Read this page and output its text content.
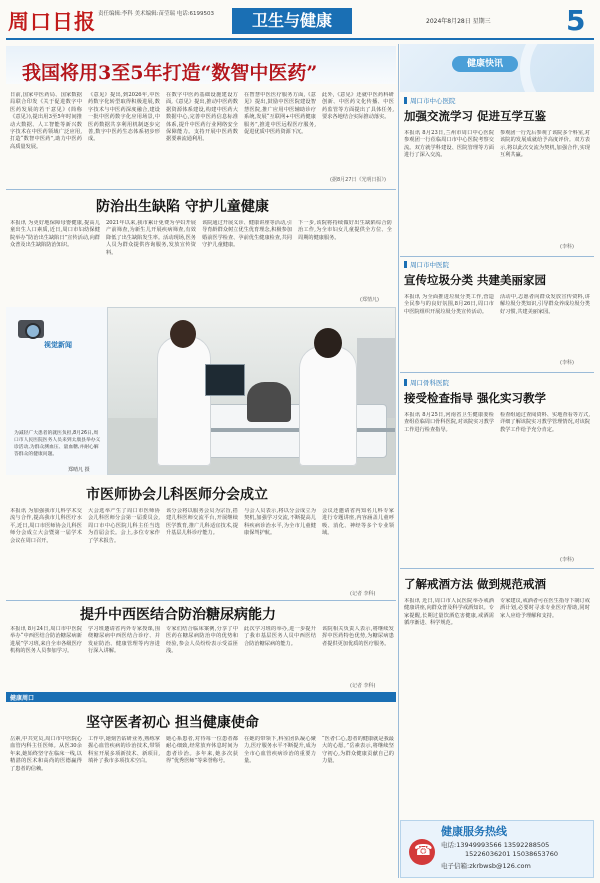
周口日报 责任编辑:李科 美术编辑:苗莹瑞 电话:6199503	卫生与健康	2024年8月28日 星期三	5
我国将用3至5年打造“数智中医药”
日前,国家中医药局、国家数据局联合印发《关于促进数字中医药发展的若干意见》(简称《意见》),提出用3至5年时间推动大数据、人工智能等新兴数字技术在中医药领域广泛应用,打造“数智中医药”,助力中医药高质量发展。
《意见》提出,到2026年,中医药数字化转型取得积极进展,数字技术与中医药深度融合,建设一批中医药数字化应用场景,中医药数据共享利用机制逐步完善,数字中医药生态体系初步形成。
在数字中医药基础设施建设方面,《意见》提出,推动中医药数据资源体系建设,构建中医药大数据中心,完善中医药信息标准体系,提升中医药行业网络安全保障能力。支持开展中医药数据要素流通利用。
在智慧中医医疗服务方面,《意见》提出,鼓励中医医院建设智慧医院,推广应用中医辅助诊疗系统,发展“互联网+中医药健康服务”,推进中医远程医疗服务,促进优质中医药资源下沉。
此外,《意见》还就中医药科研创新、中医药文化传播、中医药监管等方面提出了具体任务,要求各地结合实际推动落实。
(据8月27日《光明日报》)
防治出生缺陷 守护儿童健康
本报讯 为更好地保障母婴健康,提高儿童出生人口素质,近日,周口市妇幼保健院举办“防治出生缺陷日”宣传活动,向群众普及出生缺陷防治知识。
2021年以来,我市累计免费为孕妇开展产前筛查,为新生儿开展疾病筛查,有效降低了出生缺陷发生率。活动现场,医务人员为群众提供咨询服务,发放宣传资料。
该院通过开展义诊、健康讲座等活动,引导育龄群众树立优生优育理念,积极参加婚前医学检查、孕前优生健康检查,共同守护儿童健康。
下一步,该院将持续做好出生缺陷综合防治工作,为全市妇女儿童提供全方位、全周期的健康服务。
(郑情凡)
视觉新闻
为减轻广大患者的就医负担,8月26日,周口市人民医院医务人员来到太康县举办义诊活动,为群众测血压、量血糖,并耐心解答群众的健康问题。
郑晴凡 摄
市医师协会儿科医师分会成立
本报讯 为加强我市儿科学术交流与合作,提高我市儿科医疗水平,近日,周口市医师协会儿科医师分会成立大会暨第一届学术会议在周口召开。
大会选举产生了周口市医师协会儿科医师分会第一届委员会,周口市中心医院儿科主任当选为首届会长。会上,多位专家作了学术报告。
该分会将以服务会员为宗旨,搭建儿科医师交流平台,开展继续医学教育,推广儿科适宜技术,提升基层儿科诊疗能力。
与会人员表示,将以分会成立为契机,加强学习交流,不断提高儿科疾病诊治水平,为全市儿童健康保驾护航。
会议还邀请省内知名儿科专家进行专题讲座,内容涵盖儿童呼吸、消化、神经等多个专业领域。
(记者 李科)
提升中西医结合防治糖尿病能力
本报讯 8月24日,周口市中医院举办“中西医结合防治糖尿病新进展”学习班,来自全市各级医疗机构的医务人员参加学习。
学习班邀请省内外专家授课,围绕糖尿病中西医结合诊疗、并发症防治、健康管理等内容进行深入讲解。
专家们结合临床案例,分享了中医药在糖尿病防治中的优势和经验,参会人员纷纷表示受益匪浅。
此次学习班的举办,进一步提升了我市基层医务人员中西医结合防治糖尿病的能力。
该院相关负责人表示,将继续发挥中医药特色优势,为糖尿病患者提供更加优质的医疗服务。
(记者 李科)
健康周口
坚守医者初心 担当健康使命
岳素,中共党员,周口市中医院心血管内科主任医师。从医30余年来,她始终坚守在临床一线,以精湛的医术和高尚的医德赢得了患者的信赖。
工作中,她刻苦钻研业务,熟练掌握心血管疾病的诊治技术,带领科室开展多项新技术、新项目,填补了我市多项技术空白。
她心系患者,对待每一位患者都耐心细致,经常放弃休息时间为患者诊治。多年来,她多次获得“优秀医师”等荣誉称号。
在她的带领下,科室团队凝心聚力,医疗服务水平不断提升,成为全市心血管疾病诊治的重要力量。
“医者仁心,患者的健康就是我最大的心愿。”岳素表示,将继续坚守初心,为群众健康贡献自己的力量。
健康快讯
周口市中心医院
加强交流学习 促进互学互鉴
本报讯 8月23日,兰州市周口中心医院参观团一行莅临周口市中心医院考察交流。双方就学科建设、医院管理等方面进行了深入交流。
参观团一行先后参观了该院多个科室,对该院的发展成就给予高度评价。双方表示,将以此次交流为契机,加强合作,实现互利共赢。
(李科)
周口市中医院
宣传垃圾分类 共建美丽家园
本报讯 为全面推进垃圾分类工作,营造全民参与的良好氛围,8月26日,周口市中医院组织开展垃圾分类宣传活动。
活动中,志愿者向群众发放宣传资料,讲解垃圾分类知识,引导群众养成垃圾分类好习惯,共建美丽家园。
(李科)
周口骨科医院
接受检查指导 强化实习教学
本报讯 8月25日,河南省卫生健康委检查组莅临周口骨科医院,对该院实习教学工作进行检查指导。
检查组通过查阅资料、实地查看等方式,详细了解该院实习教学管理情况,对该院教学工作给予充分肯定。
(李科)
了解戒酒方法 做到规范戒酒
本报讯 近日,周口市人民医院举办戒酒健康讲座,向群众普及科学戒酒知识。专家提醒,长期过量饮酒危害健康,戒酒需循序渐进、科学规范。
专家建议,戒酒者可在医生指导下制订戒酒计划,必要时寻求专业医疗帮助,同时家人应给予理解和支持。
☎
健康服务热线
电话:13949993566 13592288505
15226036201 15038653760
电子信箱:zkrbwsb@126.com
